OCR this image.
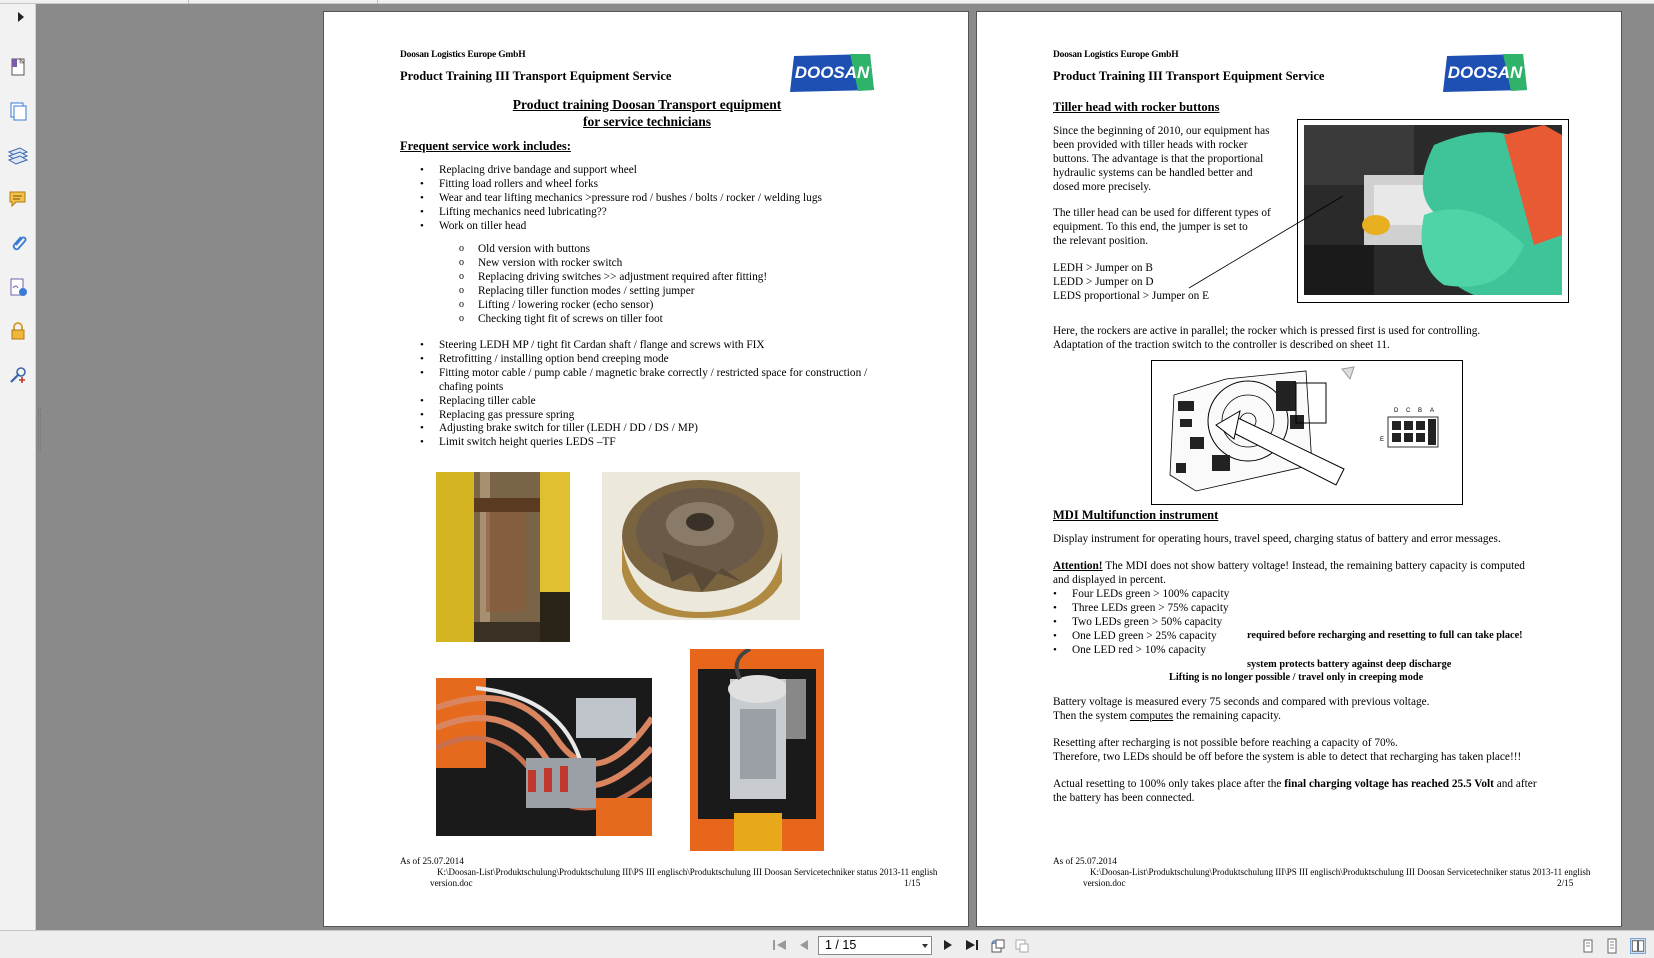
Doosan Logistics Europe GmbH
Product Training III Transport Equipment Service	DOOSAN
Product training Doosan Transport equipment
for service technicians
Frequent service work includes:
• Replacing drive bandage and support wheel
• Fitting load rollers and wheel forks
• Wear and tear lifting mechanics >pressure rod / bushes / bolts / rocker / welding lugs
• Lifting mechanics need lubricating??
• Work on tiller head
o Old version with buttons
o New version with rocker switch
o Replacing driving switches >> adjustment required after fitting!
o Replacing tiller function modes / setting jumper
o Lifting / lowering rocker (echo sensor)
o Checking tight fit of screws on tiller foot
• Steering LEDH MP / tight fit Cardan shaft / flange and screws with FIX
• Retrofitting / installing option bend creeping mode
• Fitting motor cable / pump cable / magnetic brake correctly / restricted space for construction /
chafing points
• Replacing tiller cable
• Replacing gas pressure spring
• Adjusting brake switch for tiller (LEDH / DD / DS / MP)
• Limit switch height queries LEDS –TF
As of 25.07.2014
K:\Doosan-List\Produktschulung\Produktschulung III\PS III englisch\Produktschulung III Doosan Servicetechniker status 2013-11 english
version.doc	1/15
Doosan Logistics Europe GmbH
Product Training III Transport Equipment Service	DOOSAN
Tiller head with rocker buttons
Since the beginning of 2010, our equipment has
been provided with tiller heads with rocker
buttons. The advantage is that the proportional
hydraulic systems can be handled better and
dosed more precisely.
The tiller head can be used for different types of
equipment. To this end, the jumper is set to
the relevant position.
LEDH > Jumper on B
LEDD > Jumper on D
LEDS proportional > Jumper on E
Here, the rockers are active in parallel; the rocker which is pressed first is used for controlling.
Adaptation of the traction switch to the controller is described on sheet 11.
D C B A
E
MDI Multifunction instrument
Display instrument for operating hours, travel speed, charging status of battery and error messages.
Attention! The MDI does not show battery voltage! Instead, the remaining battery capacity is computed
and displayed in percent.
• Four LEDs green > 100% capacity
• Three LEDs green > 75% capacity
• Two LEDs green > 50% capacity
• One LED green > 25% capacity
• One LED red > 10% capacity
required before recharging and resetting to full can take place!
system protects battery against deep discharge
Lifting is no longer possible / travel only in creeping mode
Battery voltage is measured every 75 seconds and compared with previous voltage.
Then the system computes the remaining capacity.
Resetting after recharging is not possible before reaching a capacity of 70%.
Therefore, two LEDs should be off before the system is able to detect that recharging has taken place!!!
Actual resetting to 100% only takes place after the final charging voltage has reached 25.5 Volt and after
the battery has been connected.
As of 25.07.2014
K:\Doosan-List\Produktschulung\Produktschulung III\PS III englisch\Produktschulung III Doosan Servicetechniker status 2013-11 english
version.doc	2/15
1 / 15
